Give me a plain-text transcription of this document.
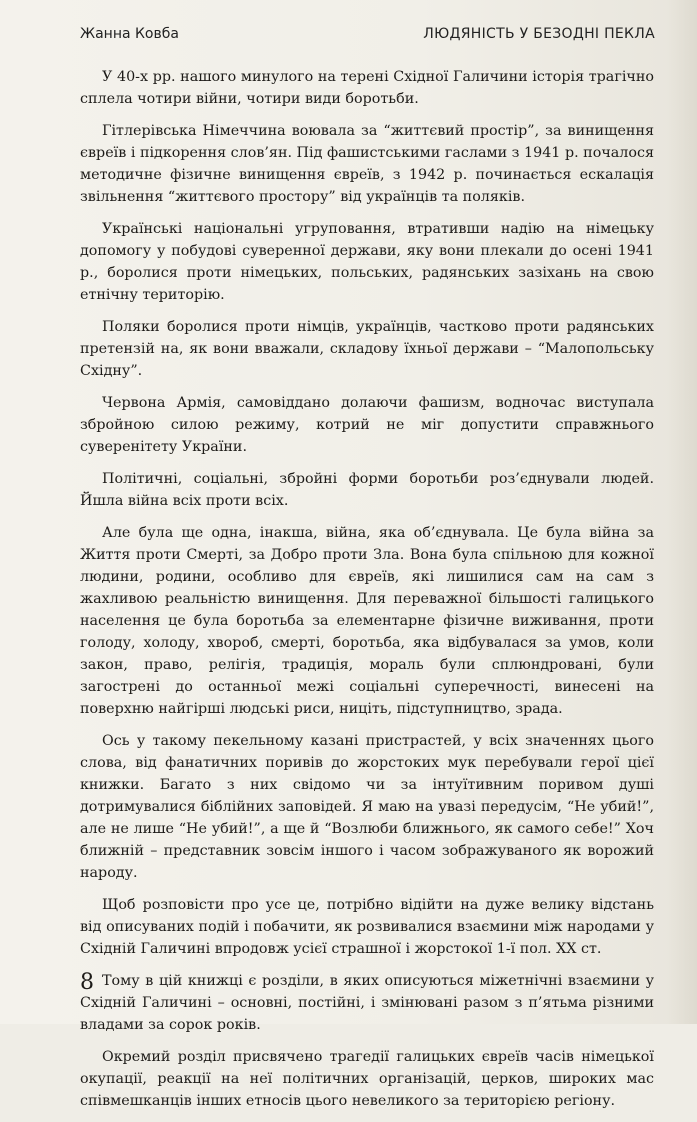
Жанна Ковба	ЛЮДЯНІСТЬ У БЕЗОДНІ ПЕКЛА

У 40-х рр. нашого минулого на терені Східної Галичини історія трагічно сплела чотири війни, чотири види боротьби.

Гітлерівська Німеччина воювала за “життєвий простір”, за винищення євреїв і підкорення слов’ян. Під фашистськими гаслами з 1941 р. почалося методичне фізичне винищення євреїв, з 1942 р. починається ескалація звільнення “життєвого простору” від українців та поляків.

Українські національні угруповання, втративши надію на німецьку допомогу у побудові суверенної держави, яку вони плекали до осені 1941 р., боролися проти німецьких, польських, радянських зазіхань на свою етнічну територію.

Поляки боролися проти німців, українців, частково проти радянських претензій на, як вони вважали, складову їхньої держави – “Малопольську Східну”.

Червона Армія, самовіддано долаючи фашизм, водночас виступала збройною силою режиму, котрий не міг допустити справжнього суверенітету України.

Політичні, соціальні, збройні форми боротьби роз’єднували людей. Йшла війна всіх проти всіх.

Але була ще одна, інакша, війна, яка об’єднувала. Це була війна за Життя проти Смерті, за Добро проти Зла. Вона була спільною для кожної людини, родини, особливо для євреїв, які лишилися сам на сам з жахливою реальністю винищення. Для переважної більшості галицького населення це була боротьба за елементарне фізичне виживання, проти голоду, холоду, хвороб, смерті, боротьба, яка відбувалася за умов, коли закон, право, релігія, традиція, мораль були сплюндровані, були загострені до останньої межі соціальні суперечності, винесені на поверхню найгірші людські риси, ниціть, підступництво, зрада.

Ось у такому пекельному казані пристрастей, у всіх значеннях цього слова, від фанатичних поривів до жорстоких мук перебували герої цієї книжки. Багато з них свідомо чи за інтуїтивним поривом душі дотримувалися біблійних заповідей. Я маю на увазі передусім, “Не убий!”, але не лише “Не убий!”, а ще й “Возлюби ближнього, як самого себе!” Хоч ближній – представник зовсім іншого і часом зображуваного як ворожий народу.

Щоб розповісти про усе це, потрібно відійти на дуже велику відстань від описуваних подій і побачити, як розвивалися взаємини між народами у Східній Галичині впродовж усієї страшної і жорстокої 1-ї пол. XX ст.

Тому в цій книжці є розділи, в яких описуються міжетнічні взаємини у Східній Галичині – основні, постійні, і змінювані разом з п’ятьма різними владами за сорок років.

Окремий розділ присвячено трагедії галицьких євреїв часів німецької окупації, реакції на неї політичних організацій, церков, широких мас співмешканців інших етносів цього невеликого за територією регіону.

8
